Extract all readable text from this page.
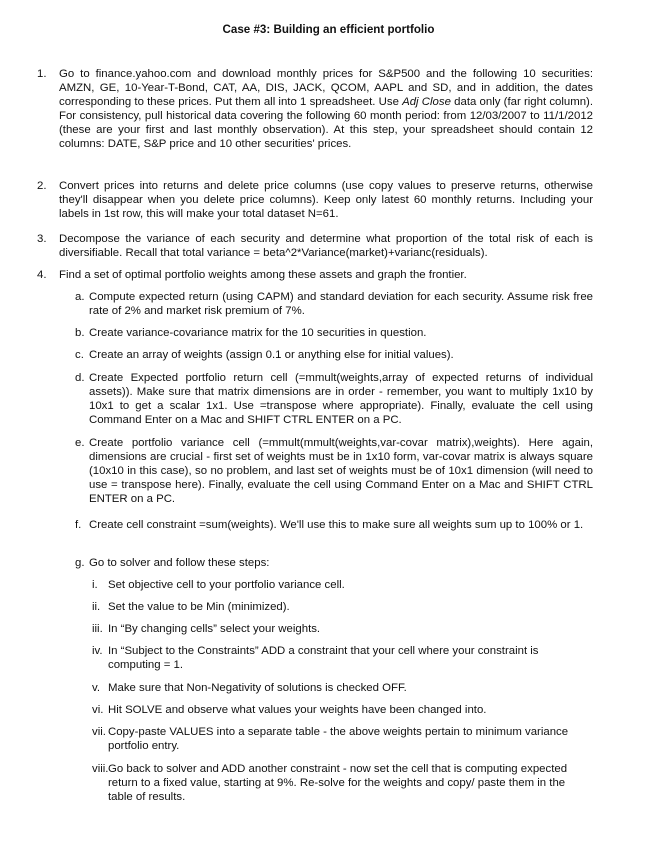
Case #3: Building an efficient portfolio
1. Go to finance.yahoo.com and download monthly prices for S&P500 and the following 10 securities: AMZN, GE, 10-Year-T-Bond, CAT, AA, DIS, JACK, QCOM, AAPL and SD, and in addition, the dates corresponding to these prices. Put them all into 1 spreadsheet. Use Adj Close data only (far right column). For consistency, pull historical data covering the following 60 month period: from 12/03/2007 to 11/1/2012 (these are your first and last monthly observation). At this step, your spreadsheet should contain 12 columns: DATE, S&P price and 10 other securities' prices.
2. Convert prices into returns and delete price columns (use copy values to preserve returns, otherwise they'll disappear when you delete price columns). Keep only latest 60 monthly returns. Including your labels in 1st row, this will make your total dataset N=61.
3. Decompose the variance of each security and determine what proportion of the total risk of each is diversifiable. Recall that total variance = beta^2*Variance(market)+varianc(residuals).
4. Find a set of optimal portfolio weights among these assets and graph the frontier.
a. Compute expected return (using CAPM) and standard deviation for each security. Assume risk free rate of 2% and market risk premium of 7%.
b. Create variance-covariance matrix for the 10 securities in question.
c. Create an array of weights (assign 0.1 or anything else for initial values).
d. Create Expected portfolio return cell (=mmult(weights,array of expected returns of individual assets)). Make sure that matrix dimensions are in order - remember, you want to multiply 1x10 by 10x1 to get a scalar 1x1. Use =transpose where appropriate). Finally, evaluate the cell using Command Enter on a Mac and SHIFT CTRL ENTER on a PC.
e. Create portfolio variance cell (=mmult(mmult(weights,var-covar matrix),weights). Here again, dimensions are crucial - first set of weights must be in 1x10 form, var-covar matrix is always square (10x10 in this case), so no problem, and last set of weights must be of 10x1 dimension (will need to use = transpose here). Finally, evaluate the cell using Command Enter on a Mac and SHIFT CTRL ENTER on a PC.
f. Create cell constraint =sum(weights). We'll use this to make sure all weights sum up to 100% or 1.
g. Go to solver and follow these steps:
i. Set objective cell to your portfolio variance cell.
ii. Set the value to be Min (minimized).
iii. In “By changing cells” select your weights.
iv. In “Subject to the Constraints” ADD a constraint that your cell where your constraint is computing = 1.
v. Make sure that Non-Negativity of solutions is checked OFF.
vi. Hit SOLVE and observe what values your weights have been changed into.
vii. Copy-paste VALUES into a separate table - the above weights pertain to minimum variance portfolio entry.
viii. Go back to solver and ADD another constraint - now set the cell that is computing expected return to a fixed value, starting at 9%. Re-solve for the weights and copy/ paste them in the table of results.
